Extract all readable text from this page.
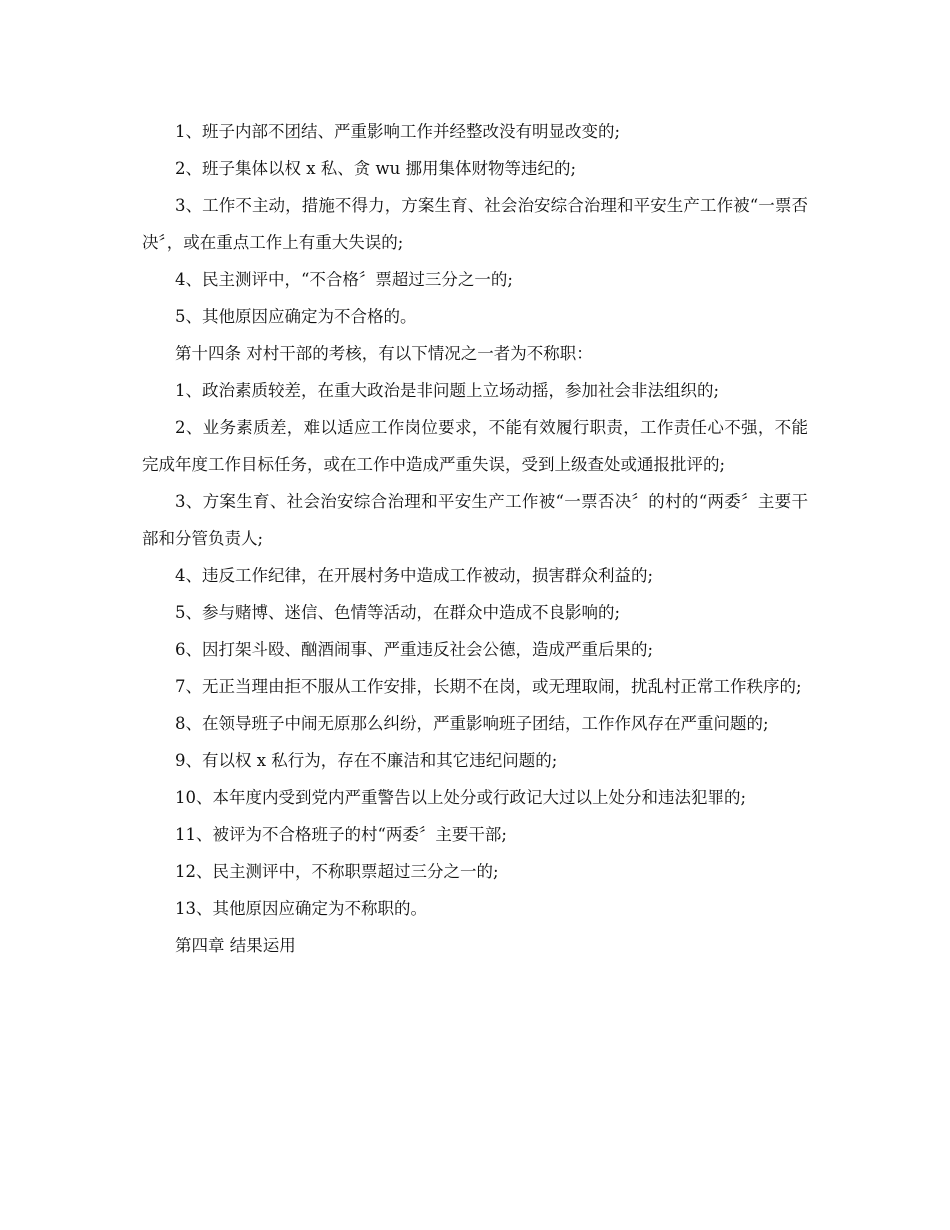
1、班子内部不团结、严重影响工作并经整改没有明显改变的;

2、班子集体以权 x 私、贪 wu 挪用集体财物等违纪的;

3、工作不主动，措施不得力，方案生育、社会治安综合治理和平安生产工作被“一票否决〞，或在重点工作上有重大失误的;

4、民主测评中，“不合格〞票超过三分之一的;

5、其他原因应确定为不合格的。

第十四条 对村干部的考核，有以下情况之一者为不称职：

1、政治素质较差，在重大政治是非问题上立场动摇，参加社会非法组织的;

2、业务素质差，难以适应工作岗位要求，不能有效履行职责，工作责任心不强，不能完成年度工作目标任务，或在工作中造成严重失误，受到上级查处或通报批评的;

3、方案生育、社会治安综合治理和平安生产工作被“一票否决〞的村的“两委〞主要干部和分管负责人;

4、违反工作纪律，在开展村务中造成工作被动，损害群众利益的;

5、参与赌博、迷信、色情等活动，在群众中造成不良影响的;

6、因打架斗殴、酗酒闹事、严重违反社会公德，造成严重后果的;

7、无正当理由拒不服从工作安排，长期不在岗，或无理取闹，扰乱村正常工作秩序的;

8、在领导班子中闹无原那么纠纷，严重影响班子团结，工作作风存在严重问题的;

9、有以权 x 私行为，存在不廉洁和其它违纪问题的;

10、本年度内受到党内严重警告以上处分或行政记大过以上处分和违法犯罪的;

11、被评为不合格班子的村“两委〞主要干部;

12、民主测评中，不称职票超过三分之一的;

13、其他原因应确定为不称职的。

第四章 结果运用
